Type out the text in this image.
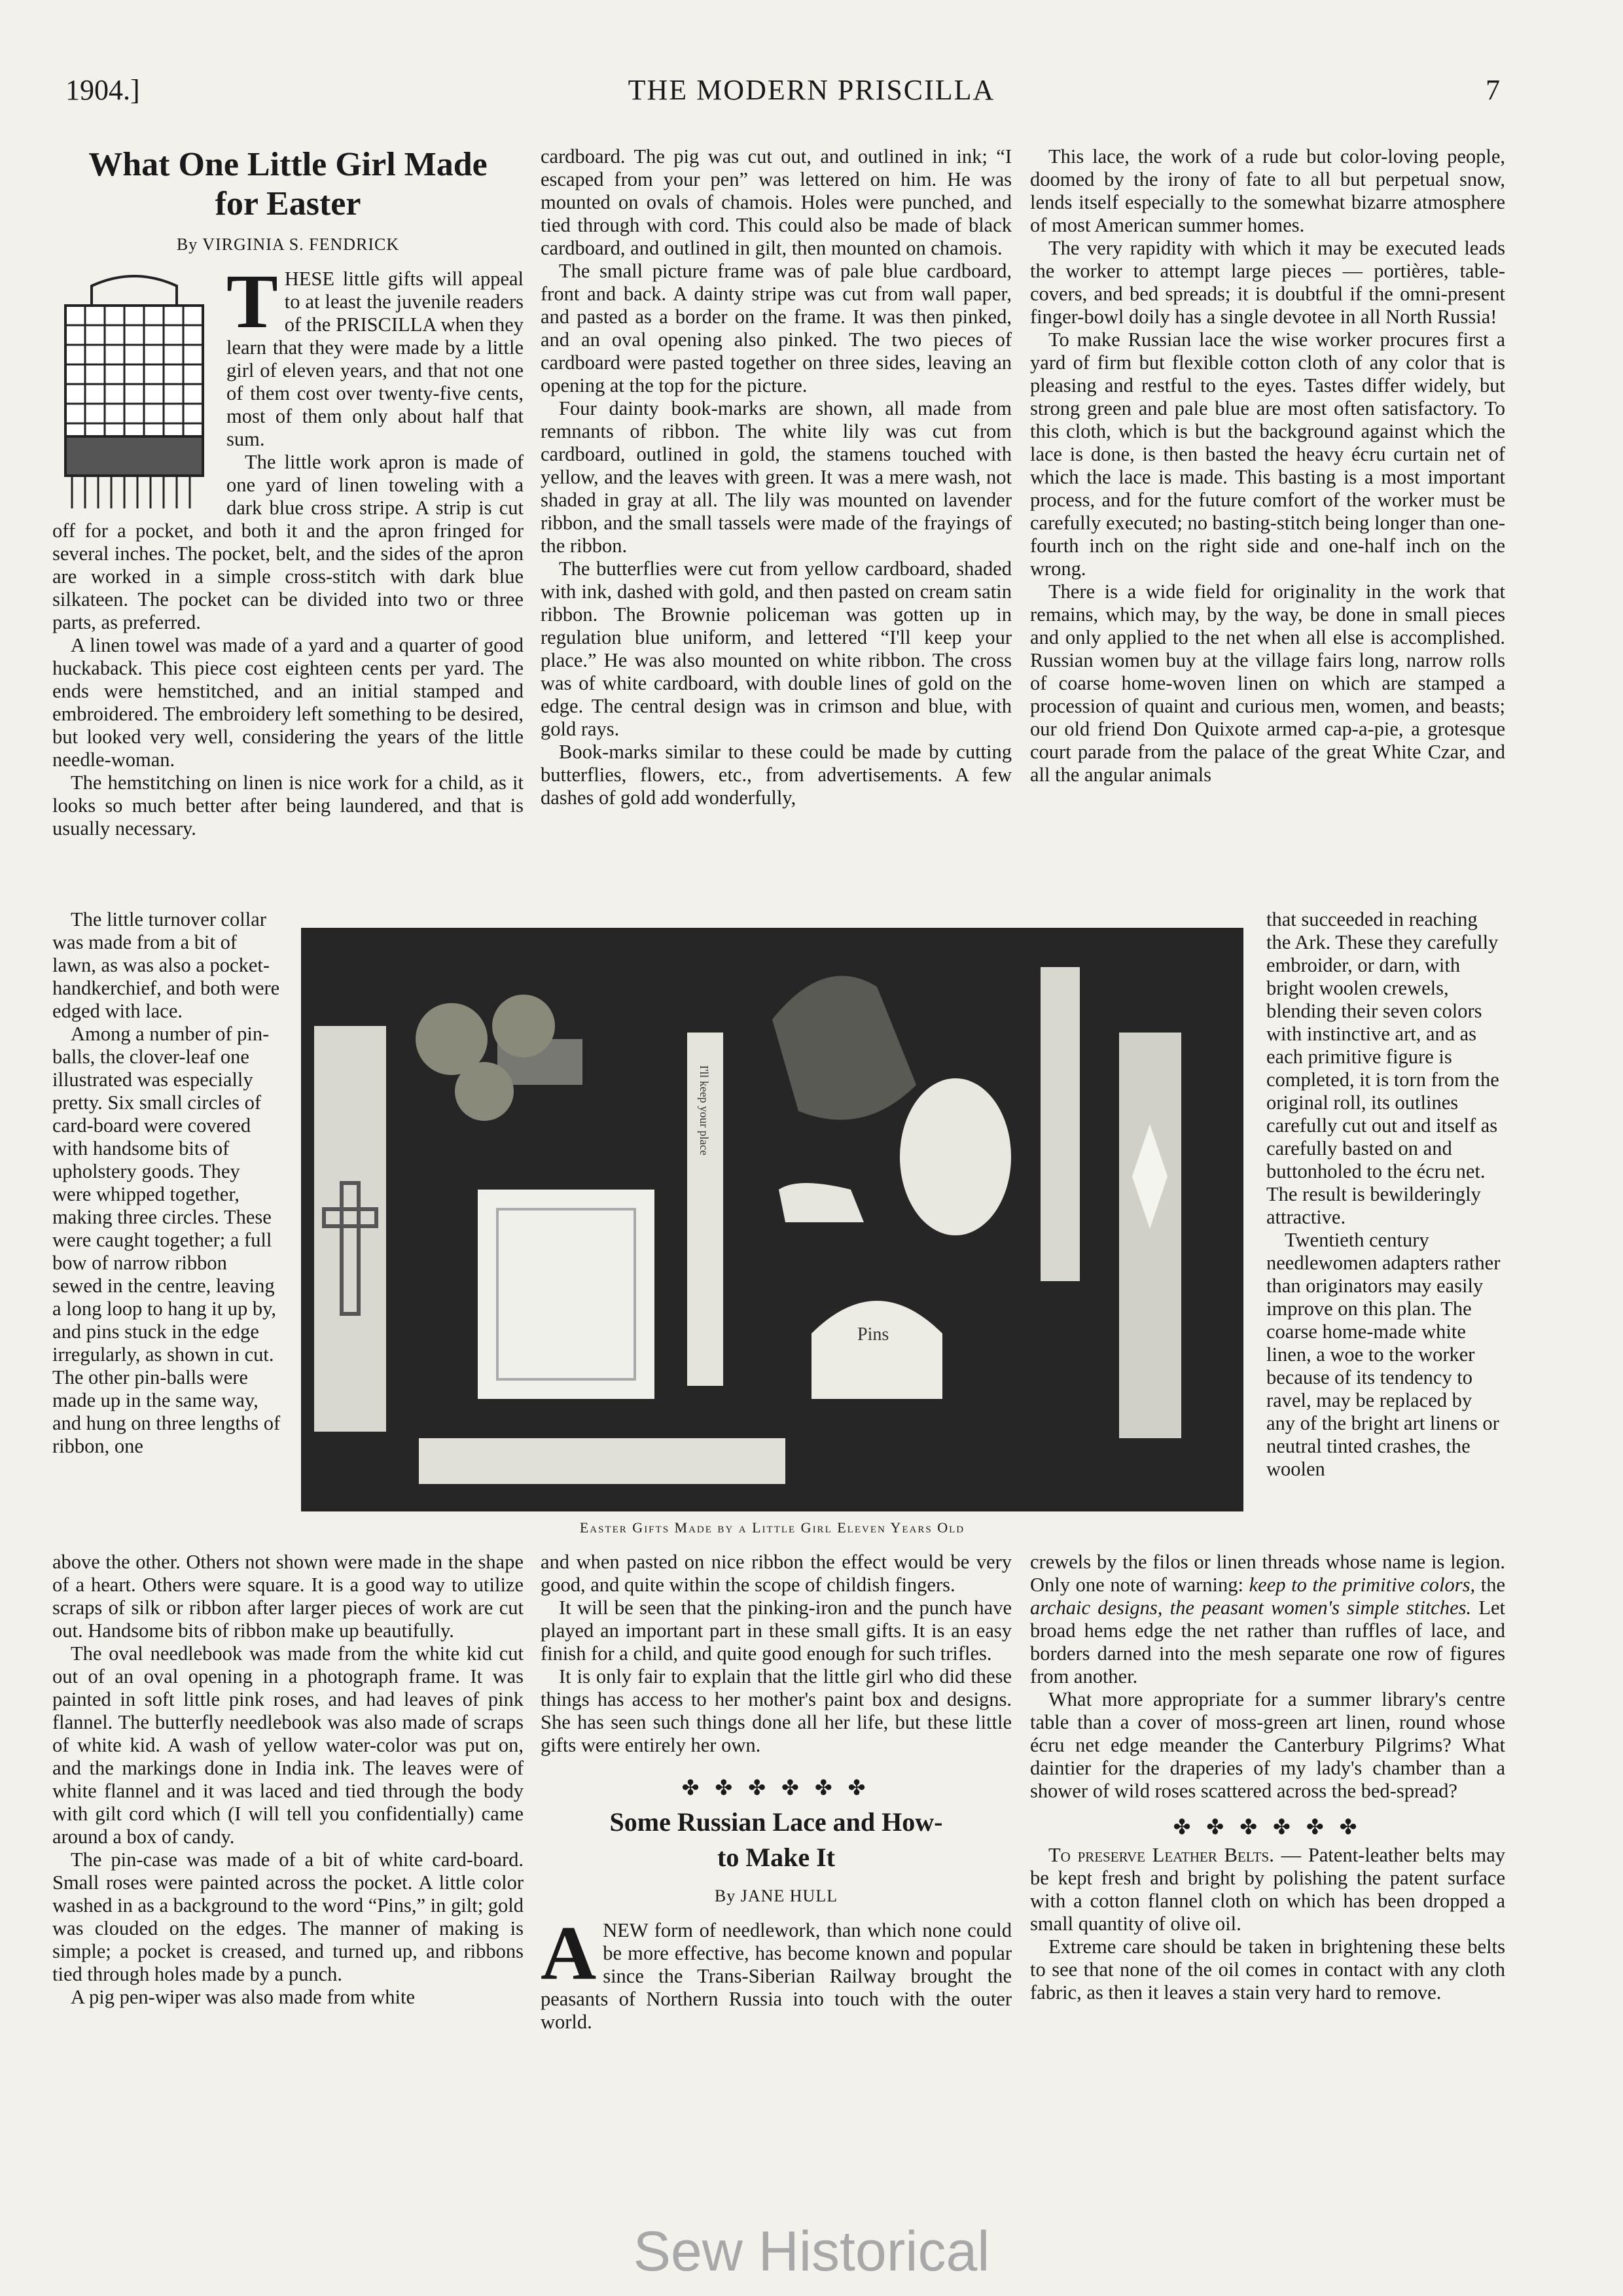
1904.]	THE MODERN PRISCILLA	7
What One Little Girl Made
for Easter
By VIRGINIA S. FENDRICK

THESE little gifts will appeal to at least the juvenile readers of the PRISCILLA when they learn that they were made by a little girl of eleven years, and that not one of them cost over twenty-five cents, most of them only about half that sum.

The little work apron is made of one yard of linen toweling with a dark blue cross stripe. A strip is cut off for a pocket, and both it and the apron fringed for several inches. The pocket, belt, and the sides of the apron are worked in a simple cross-stitch with dark blue silkateen. The pocket can be divided into two or three parts, as preferred.

A linen towel was made of a yard and a quarter of good huckaback. This piece cost eighteen cents per yard. The ends were hemstitched, and an initial stamped and embroidered. The embroidery left something to be desired, but looked very well, considering the years of the little needle-woman.

The hemstitching on linen is nice work for a child, as it looks so much better after being laundered, and that is usually necessary.

The little turnover collar was made from a bit of lawn, as was also a pocket-handkerchief, and both were edged with lace.

Among a number of pin-balls, the clover-leaf one illustrated was especially pretty. Six small circles of card-board were covered with handsome bits of upholstery goods. They were whipped together, making three circles. These were caught together; a full bow of narrow ribbon sewed in the centre, leaving a long loop to hang it up by, and pins stuck in the edge irregularly, as shown in cut. The other pin-balls were made up in the same way, and hung on three lengths of ribbon, one

above the other. Others not shown were made in the shape of a heart. Others were square. It is a good way to utilize scraps of silk or ribbon after larger pieces of work are cut out. Handsome bits of ribbon make up beautifully.

The oval needlebook was made from the white kid cut out of an oval opening in a photograph frame. It was painted in soft little pink roses, and had leaves of pink flannel. The butterfly needlebook was also made of scraps of white kid. A wash of yellow water-color was put on, and the markings done in India ink. The leaves were of white flannel and it was laced and tied through the body with gilt cord which (I will tell you confidentially) came around a box of candy.

The pin-case was made of a bit of white card-board. Small roses were painted across the pocket. A little color washed in as a background to the word “Pins,” in gilt; gold was clouded on the edges. The manner of making is simple; a pocket is creased, and turned up, and ribbons tied through holes made by a punch.

A pig pen-wiper was also made from white

cardboard. The pig was cut out, and outlined in ink; “I escaped from your pen” was lettered on him. He was mounted on ovals of chamois. Holes were punched, and tied through with cord. This could also be made of black cardboard, and outlined in gilt, then mounted on chamois.

The small picture frame was of pale blue cardboard, front and back. A dainty stripe was cut from wall paper, and pasted as a border on the frame. It was then pinked, and an oval opening also pinked. The two pieces of cardboard were pasted together on three sides, leaving an opening at the top for the picture.

Four dainty book-marks are shown, all made from remnants of ribbon. The white lily was cut from cardboard, outlined in gold, the stamens touched with yellow, and the leaves with green. It was a mere wash, not shaded in gray at all. The lily was mounted on lavender ribbon, and the small tassels were made of the frayings of the ribbon.

The butterflies were cut from yellow cardboard, shaded with ink, dashed with gold, and then pasted on cream satin ribbon. The Brownie policeman was gotten up in regulation blue uniform, and lettered “I'll keep your place.” He was also mounted on white ribbon. The cross was of white cardboard, with double lines of gold on the edge. The central design was in crimson and blue, with gold rays.

Book-marks similar to these could be made by cutting butterflies, flowers, etc., from advertisements. A few dashes of gold add wonderfully,

and when pasted on nice ribbon the effect would be very good, and quite within the scope of childish fingers.

It will be seen that the pinking-iron and the punch have played an important part in these small gifts. It is an easy finish for a child, and quite good enough for such trifles.

It is only fair to explain that the little girl who did these things has access to her mother's paint box and designs. She has seen such things done all her life, but these little gifts were entirely her own.

✤ ✤ ✤ ✤ ✤ ✤
Some Russian Lace and How-
to Make It
By JANE HULL

ANEW form of needlework, than which none could be more effective, has become known and popular since the Trans-Siberian Railway brought the peasants of Northern Russia into touch with the outer world.

This lace, the work of a rude but color-loving people, doomed by the irony of fate to all but perpetual snow, lends itself especially to the somewhat bizarre atmosphere of most American summer homes.

The very rapidity with which it may be executed leads the worker to attempt large pieces — portières, table-covers, and bed spreads; it is doubtful if the omni-present finger-bowl doily has a single devotee in all North Russia!

To make Russian lace the wise worker procures first a yard of firm but flexible cotton cloth of any color that is pleasing and restful to the eyes. Tastes differ widely, but strong green and pale blue are most often satisfactory. To this cloth, which is but the background against which the lace is done, is then basted the heavy écru curtain net of which the lace is made. This basting is a most important process, and for the future comfort of the worker must be carefully executed; no basting-stitch being longer than one-fourth inch on the right side and one-half inch on the wrong.

There is a wide field for originality in the work that remains, which may, by the way, be done in small pieces and only applied to the net when all else is accomplished. Russian women buy at the village fairs long, narrow rolls of coarse home-woven linen on which are stamped a procession of quaint and curious men, women, and beasts; our old friend Don Quixote armed cap-a-pie, a grotesque court parade from the palace of the great White Czar, and all the angular animals

that succeeded in reaching the Ark. These they carefully embroider, or darn, with bright woolen crewels, blending their seven colors with instinctive art, and as each primitive figure is completed, it is torn from the original roll, its outlines carefully cut out and itself as carefully basted on and buttonholed to the écru net. The result is bewilderingly attractive.

Twentieth century needlewomen adapters rather than originators may easily improve on this plan. The coarse home-made white linen, a woe to the worker because of its tendency to ravel, may be replaced by any of the bright art linens or neutral tinted crashes, the woolen

crewels by the filos or linen threads whose name is legion. Only one note of warning: keep to the primitive colors, the archaic designs, the peasant women's simple stitches. Let broad hems edge the net rather than ruffles of lace, and borders darned into the mesh separate one row of figures from another.

What more appropriate for a summer library's centre table than a cover of moss-green art linen, round whose écru net edge meander the Canterbury Pilgrims? What daintier for the draperies of my lady's chamber than a shower of wild roses scattered across the bed-spread?

✤ ✤ ✤ ✤ ✤ ✤

To preserve Leather Belts. — Patent-leather belts may be kept fresh and bright by polishing the patent surface with a cotton flannel cloth on which has been dropped a small quantity of olive oil.

Extreme care should be taken in brightening these belts to see that none of the oil comes in contact with any cloth fabric, as then it leaves a stain very hard to remove.

I'll keep your place
Pins
Easter Gifts Made by a Little Girl Eleven Years Old
Sew Historical
